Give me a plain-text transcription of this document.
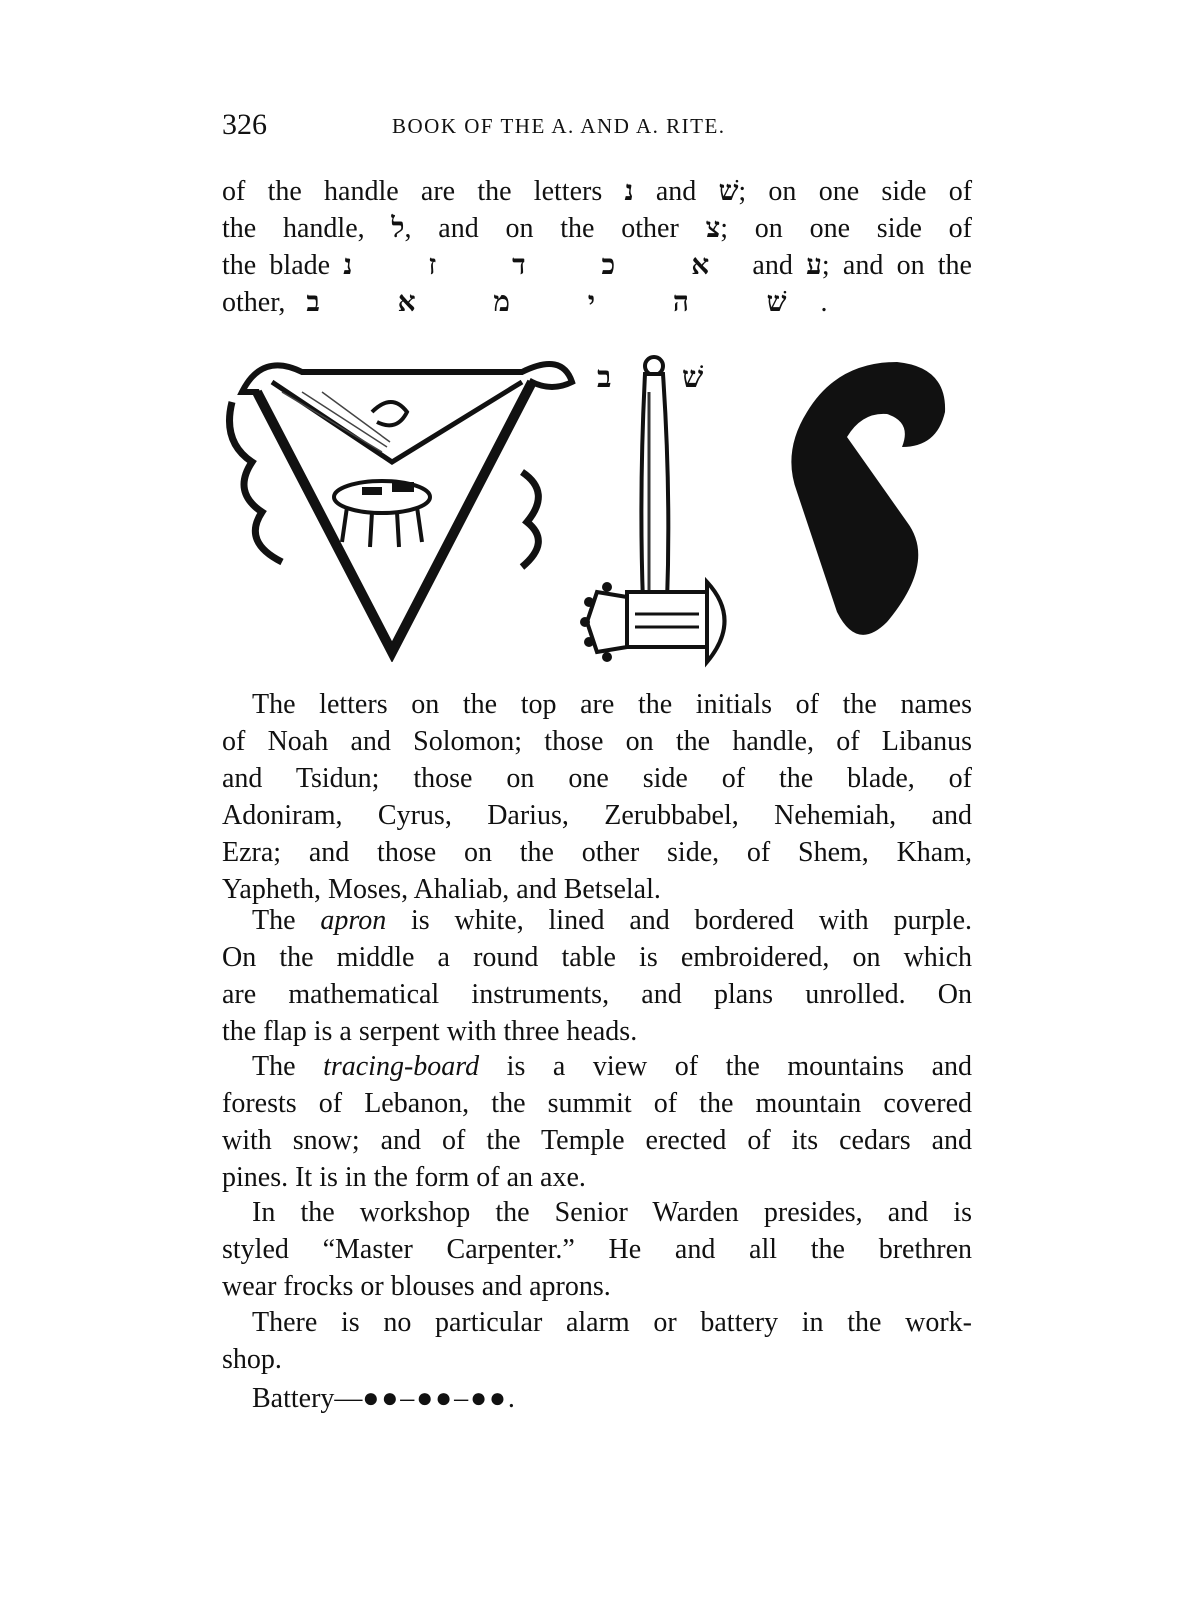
326	BOOK OF THE A. AND A. RITE.
of the handle are the letters נ and שׁ; on one side of
the handle, ל, and on the other צ; on one side of
the blade א כ ד ז נ and ע; and on the
other, שׁ ה י מ א ב.
ב שׁ
The letters on the top are the initials of the names
of Noah and Solomon; those on the handle, of Libanus
and Tsidun; those on one side of the blade, of
Adoniram, Cyrus, Darius, Zerubbabel, Nehemiah, and
Ezra; and those on the other side, of Shem, Kham,
Yapheth, Moses, Ahaliab, and Betselal.
The apron is white, lined and bordered with purple.
On the middle a round table is embroidered, on which
are mathematical instruments, and plans unrolled. On
the flap is a serpent with three heads.
The tracing-board is a view of the mountains and
forests of Lebanon, the summit of the mountain covered
with snow; and of the Temple erected of its cedars and
pines. It is in the form of an axe.
In the workshop the Senior Warden presides, and is
styled “Master Carpenter.” He and all the brethren
wear frocks or blouses and aprons.
There is no particular alarm or battery in the work-
shop.
Battery—●●–●●–●●.
